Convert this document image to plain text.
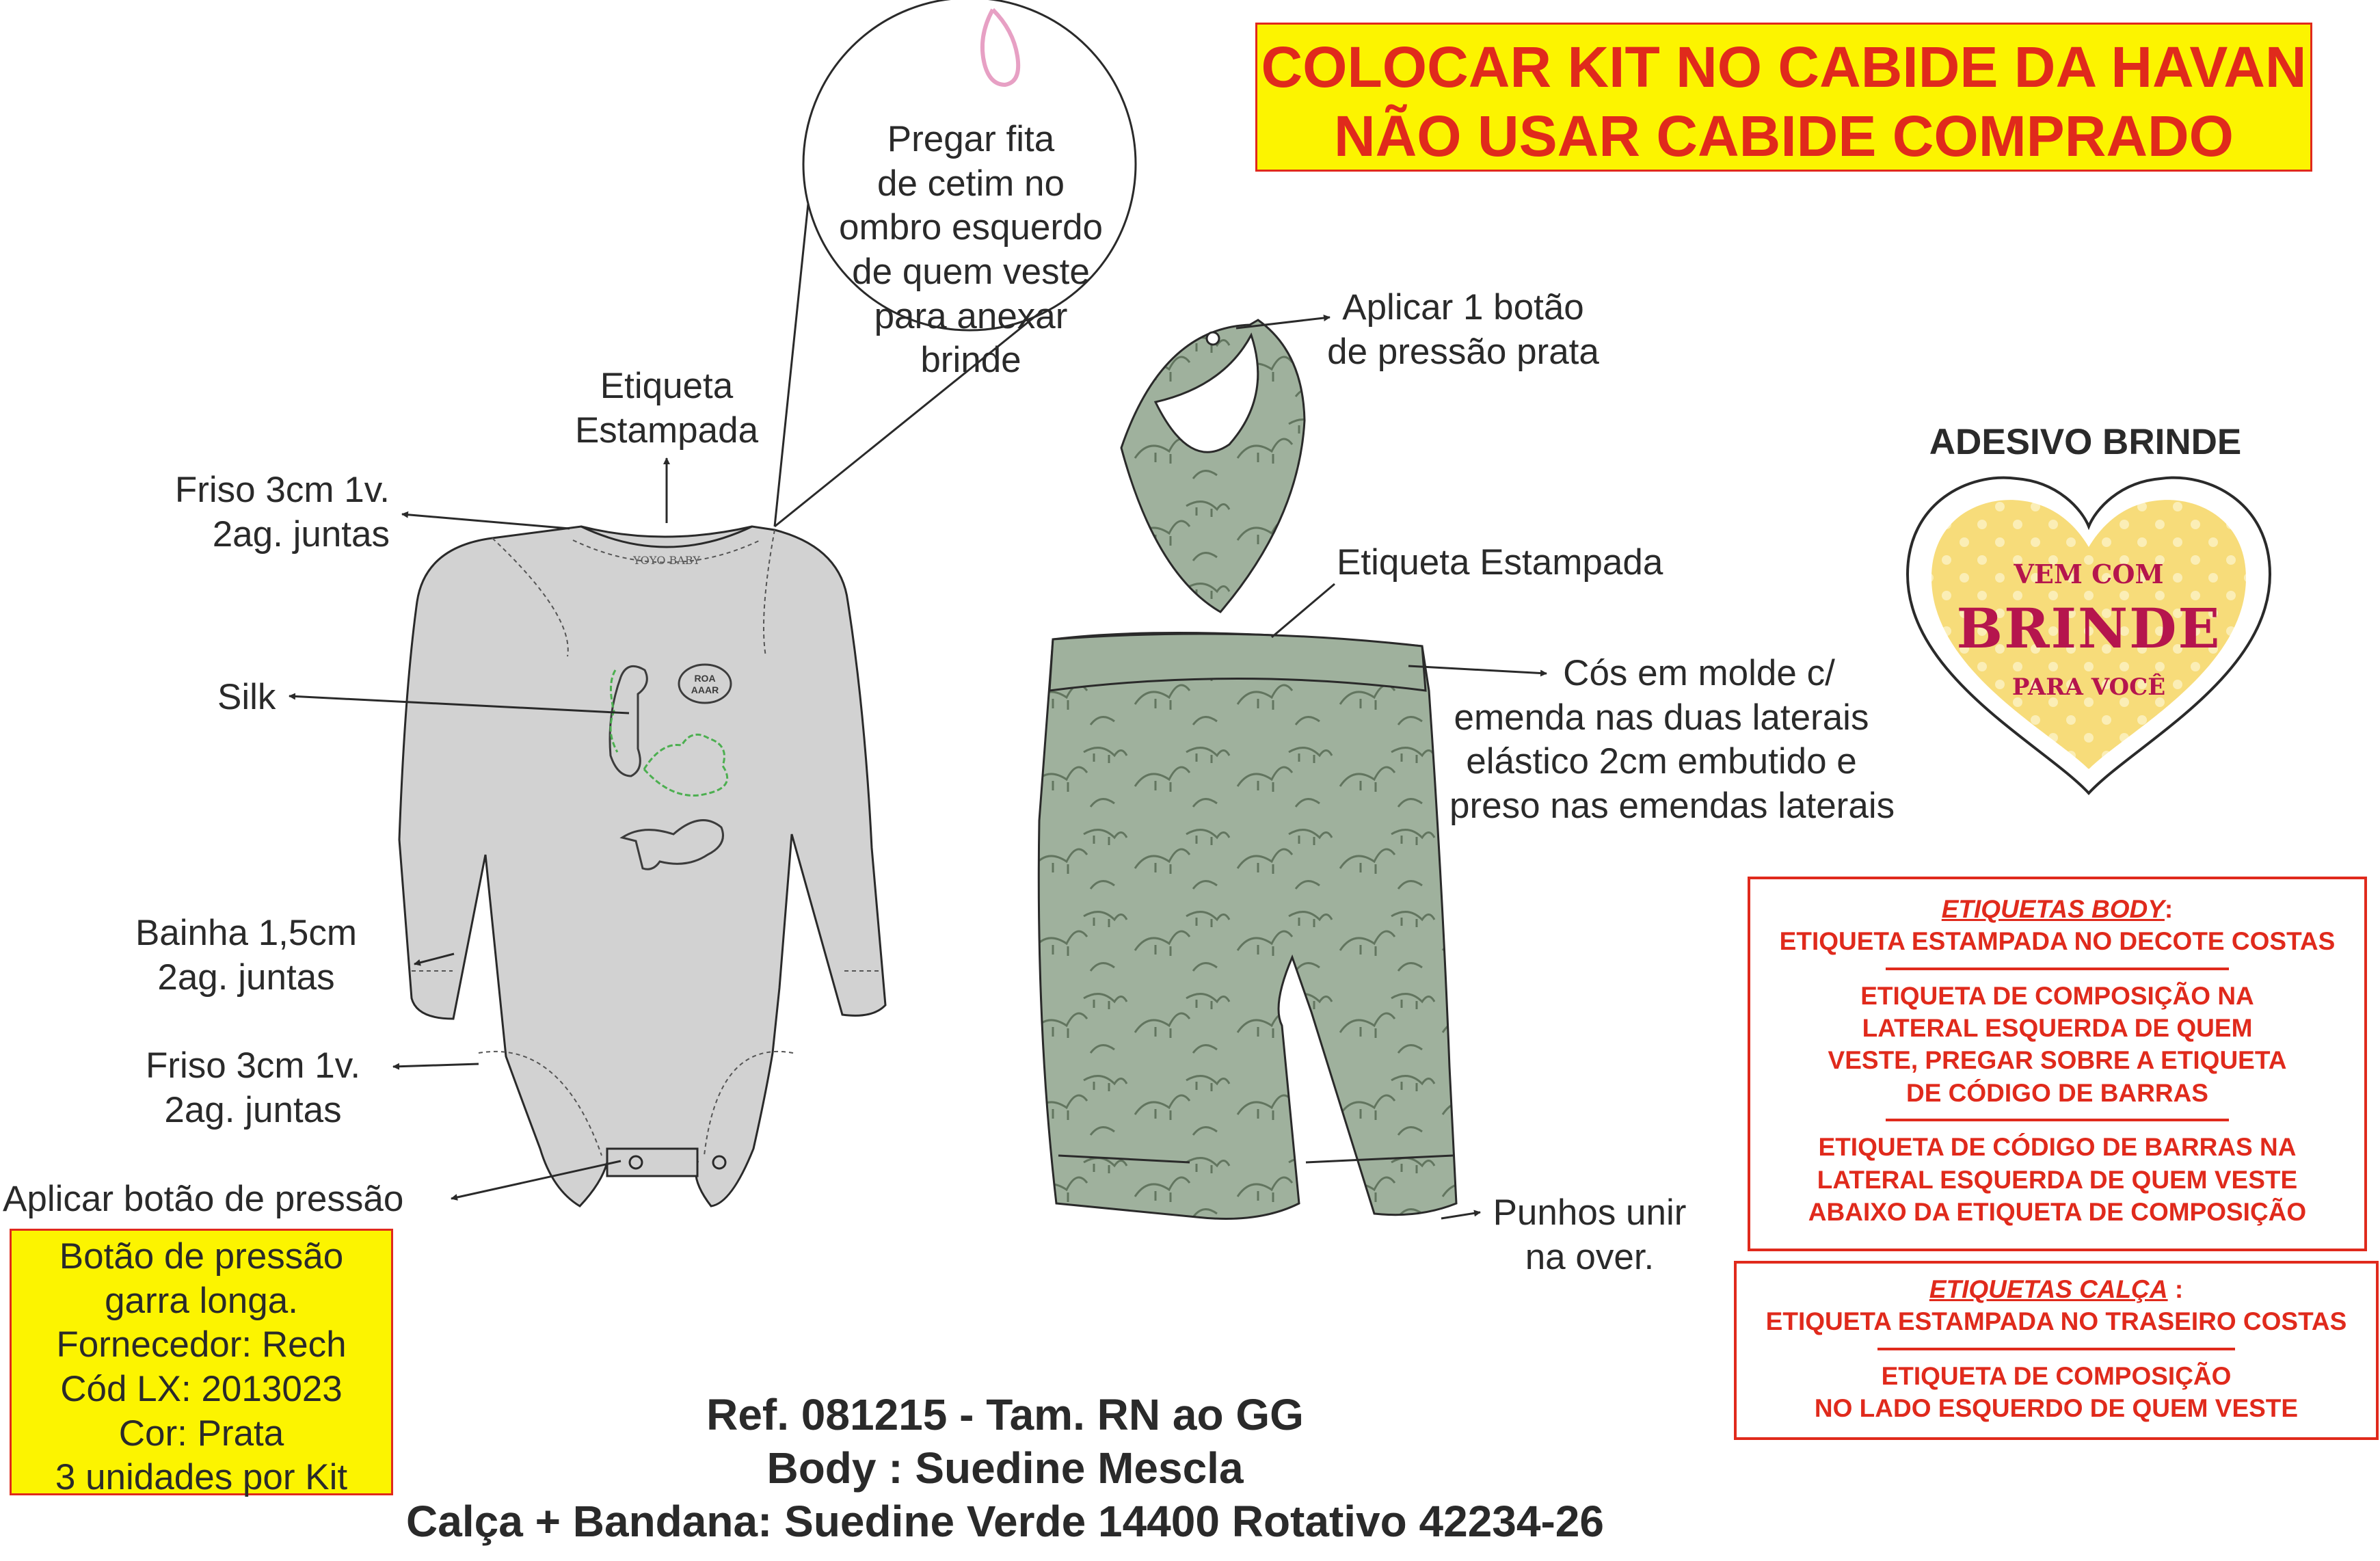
YOYO BABY
ROA
AAAR
COLOCAR KIT NO CABIDE DA HAVAN
NÃO USAR CABIDE COMPRADO
Pregar fita
de cetim no
ombro esquerdo
de quem veste
para anexar
brinde
Etiqueta
Estampada
Friso 3cm 1v.
2ag. juntas
Silk
Bainha 1,5cm
2ag. juntas
Friso 3cm 1v.
2ag. juntas
Aplicar botão de pressão
Botão de pressão
garra longa.
Fornecedor: Rech
Cód LX: 2013023
Cor: Prata
3 unidades por Kit
Aplicar 1 botão
de pressão prata
Etiqueta Estampada
Cós em molde c/
emenda nas duas laterais
elástico 2cm embutido e
preso nas emendas laterais
Punhos unir
na over.
ADESIVO BRINDE
VEM COM
BRINDE
PARA VOCÊ
ETIQUETAS BODY:
ETIQUETA ESTAMPADA NO DECOTE COSTAS
ETIQUETA DE COMPOSIÇÃO NA
LATERAL ESQUERDA DE QUEM
VESTE, PREGAR SOBRE A ETIQUETA
DE CÓDIGO DE BARRAS
ETIQUETA DE CÓDIGO DE BARRAS NA
LATERAL ESQUERDA DE QUEM VESTE
ABAIXO DA ETIQUETA DE COMPOSIÇÃO
ETIQUETAS CALÇA :
ETIQUETA ESTAMPADA NO TRASEIRO COSTAS
ETIQUETA DE COMPOSIÇÃO
NO LADO ESQUERDO DE QUEM VESTE
Ref. 081215 - Tam. RN ao GG
Body : Suedine Mescla
Calça + Bandana: Suedine Verde 14400 Rotativo 42234-26
